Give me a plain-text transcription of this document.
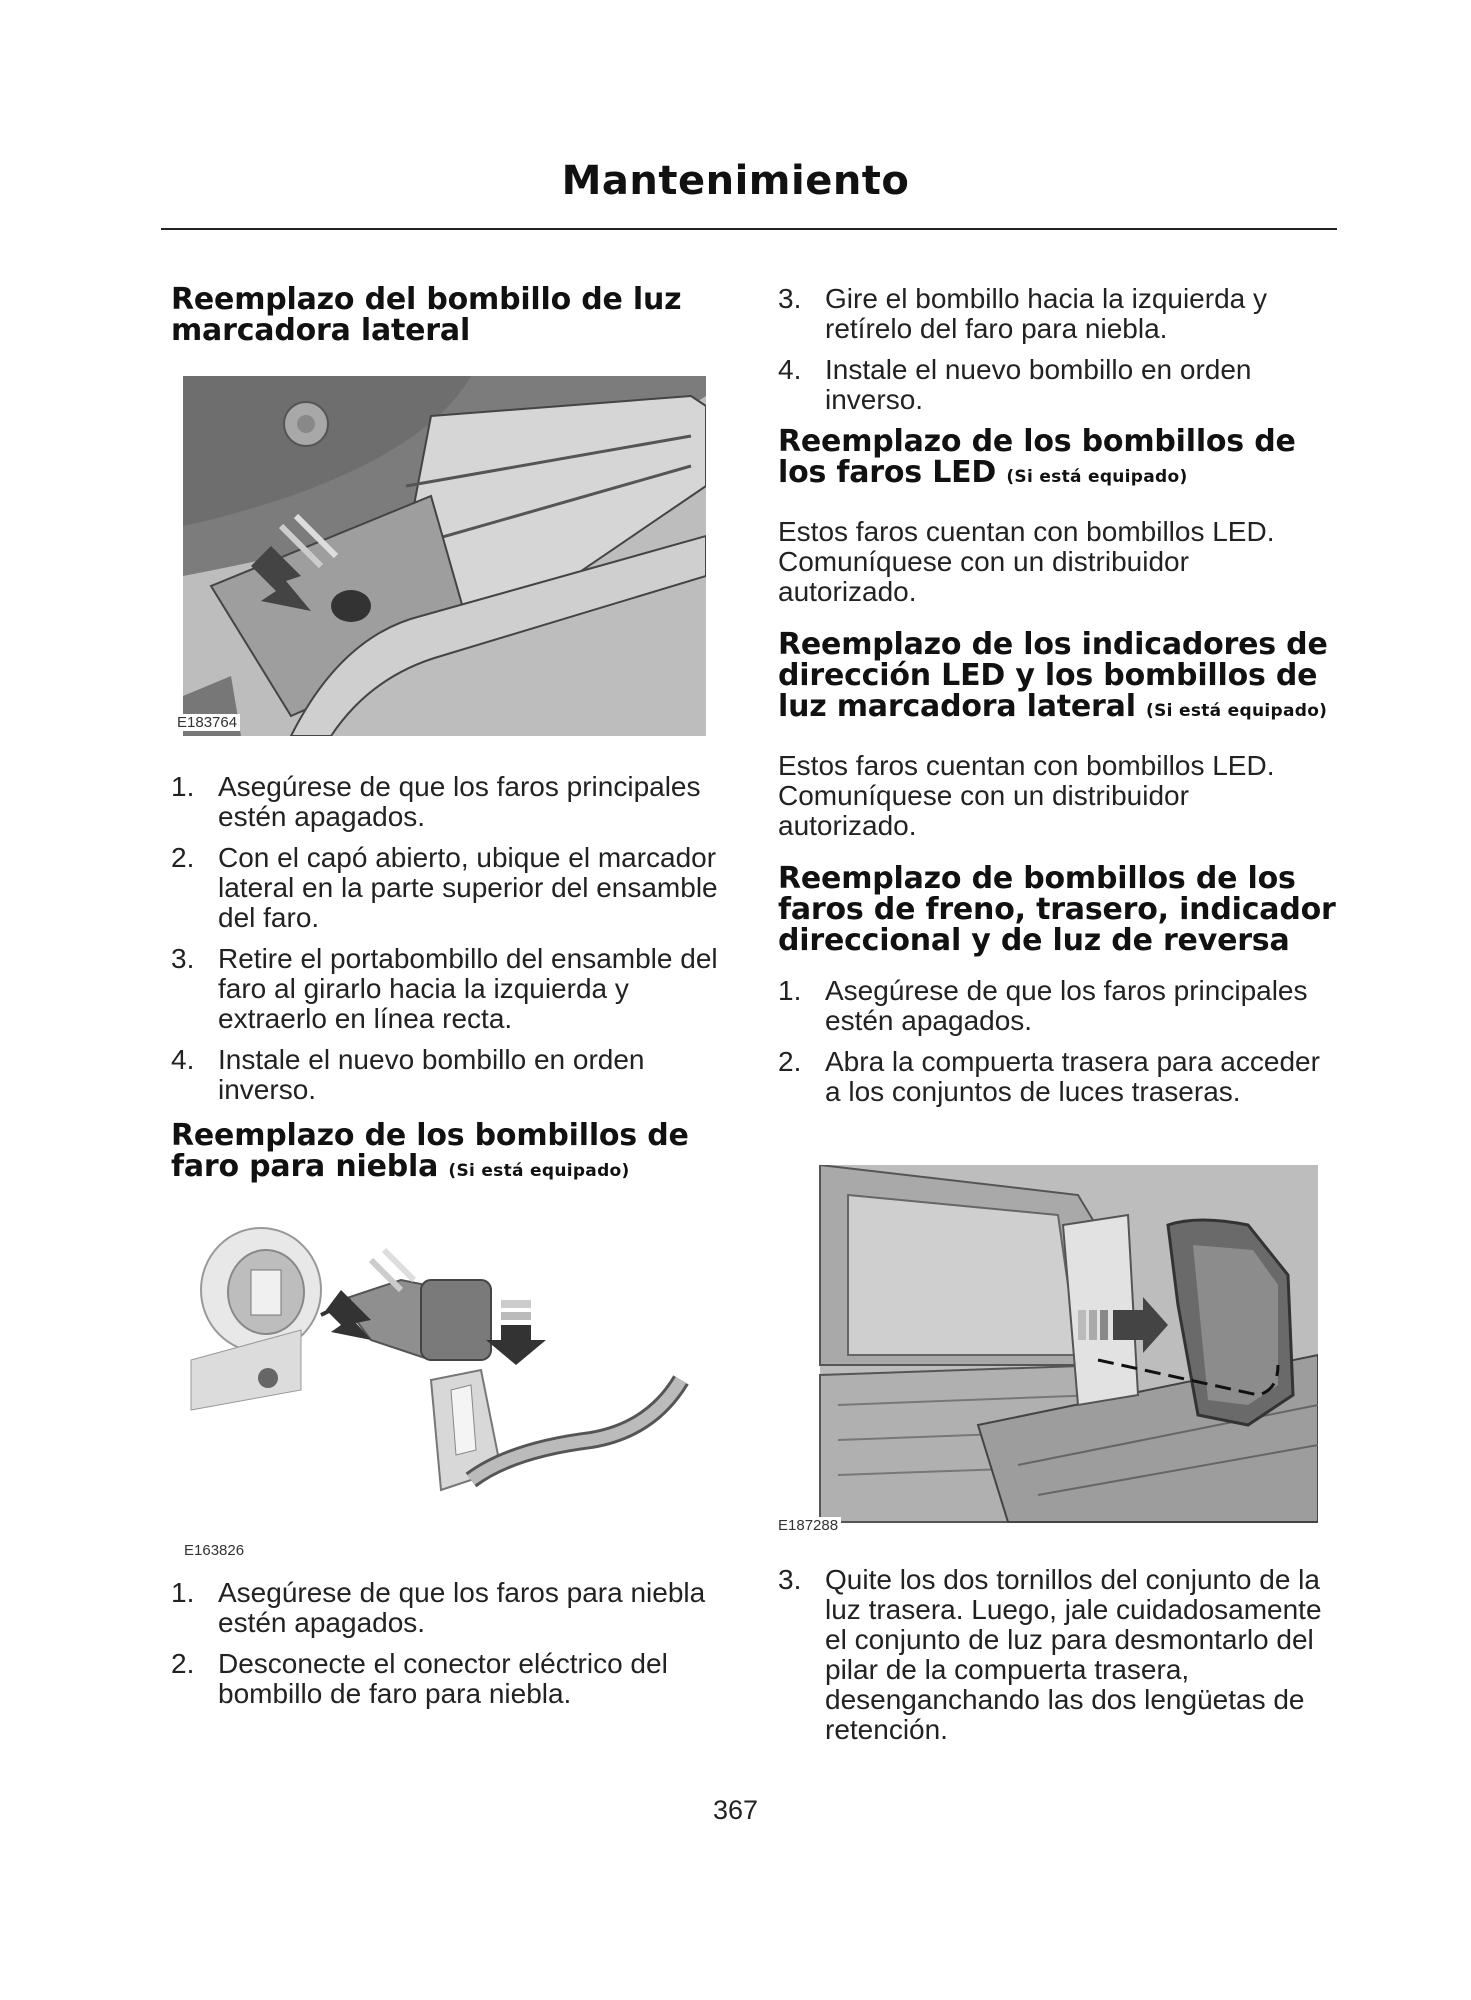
Mantenimiento
Reemplazo del bombillo de luz marcadora lateral
E183764
1. Asegúrese de que los faros principales estén apagados.
2. Con el capó abierto, ubique el marcador lateral en la parte superior del ensamble del faro.
3. Retire el portabombillo del ensamble del faro al girarlo hacia la izquierda y extraerlo en línea recta.
4. Instale el nuevo bombillo en orden inverso.
Reemplazo de los bombillos de faro para niebla (Si está equipado)
E163826
1. Asegúrese de que los faros para niebla estén apagados.
2. Desconecte el conector eléctrico del bombillo de faro para niebla.
3. Gire el bombillo hacia la izquierda y retírelo del faro para niebla.
4. Instale el nuevo bombillo en orden inverso.
Reemplazo de los bombillos de los faros LED (Si está equipado)

Estos faros cuentan con bombillos LED. Comuníquese con un distribuidor autorizado.

Reemplazo de los indicadores de dirección LED y los bombillos de luz marcadora lateral (Si está equipado)

Estos faros cuentan con bombillos LED. Comuníquese con un distribuidor autorizado.

Reemplazo de bombillos de los faros de freno, trasero, indicador direccional y de luz de reversa
1. Asegúrese de que los faros principales estén apagados.
2. Abra la compuerta trasera para acceder a los conjuntos de luces traseras.
E187288
3. Quite los dos tornillos del conjunto de la luz trasera. Luego, jale cuidadosamente el conjunto de luz para desmontarlo del pilar de la compuerta trasera, desenganchando las dos lengüetas de retención.
367
